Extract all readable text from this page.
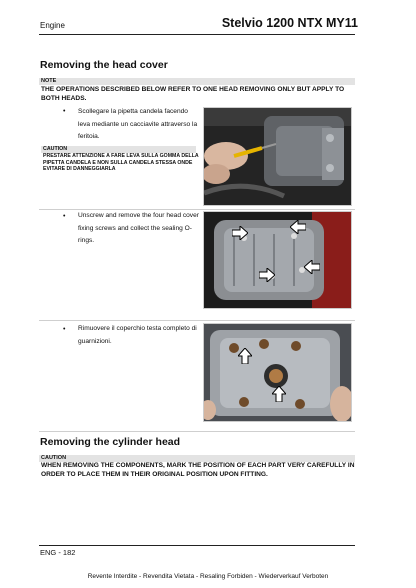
Engine	Stelvio 1200 NTX MY11
Removing the head cover
NOTE
THE OPERATIONS DESCRIBED BELOW REFER TO ONE HEAD REMOVING ONLY BUT APPLY TO BOTH HEADS.
• Scollegare la pipetta candela facendo leva mediante un cacciavite attraverso la feritoia.
CAUTION
PRESTARE ATTENZIONE A FARE LEVA SULLA GOMMA DELLA PIPETTA CANDELA E NON SULLA CANDELA STESSA ONDE EVITARE DI DANNEGGIARLA
• Unscrew and remove the four head cover fixing screws and collect the sealing O-rings.
• Rimuovere il coperchio testa completo di guarnizioni.
Removing the cylinder head
CAUTION
WHEN REMOVING THE COMPONENTS, MARK THE POSITION OF EACH PART VERY CAREFULLY IN ORDER TO PLACE THEM IN THEIR ORIGINAL POSITION UPON FITTING.
ENG - 182
Revente Interdite - Revendita Vietata - Resaling Forbiden - Wiederverkauf Verboten
